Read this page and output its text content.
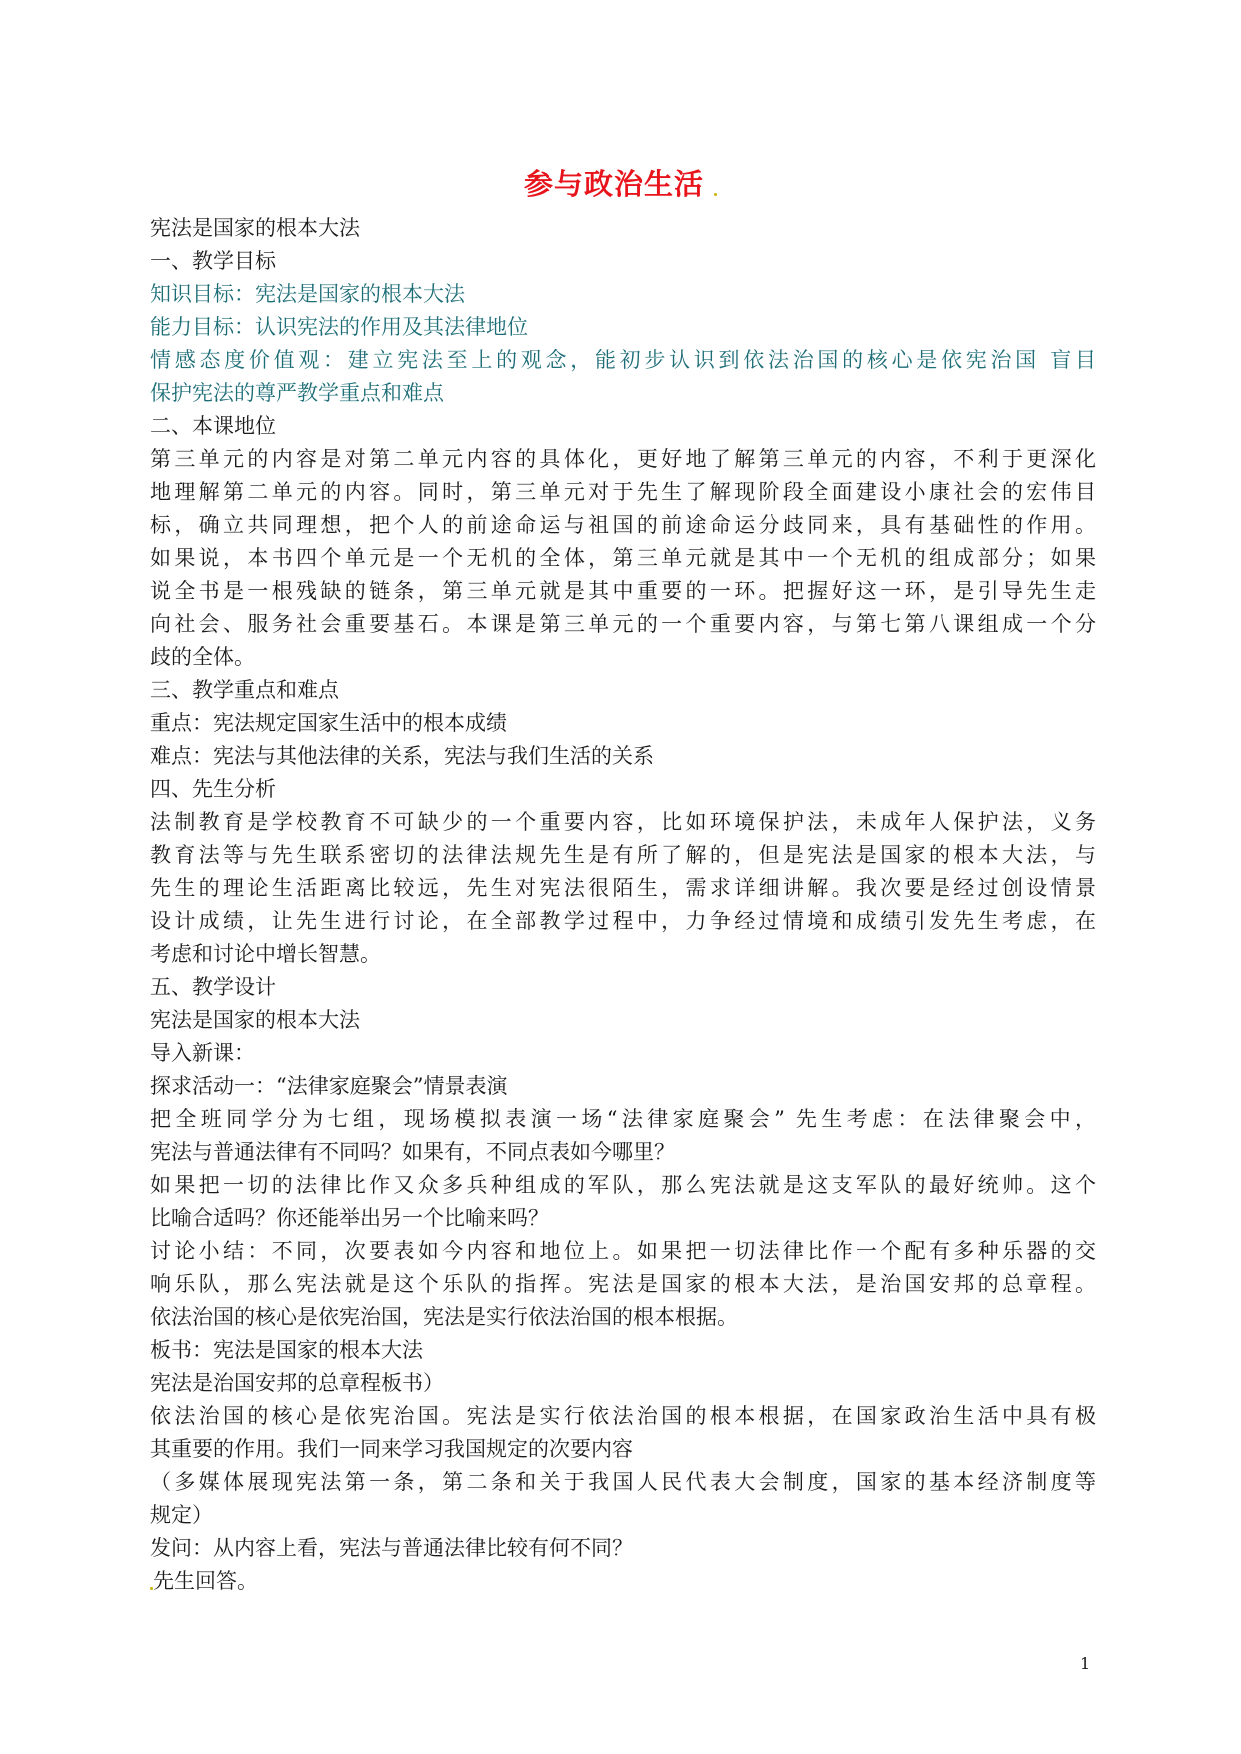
参与政治生活
宪法是国家的根本大法
一、教学目标
知识目标：宪法是国家的根本大法
能力目标：认识宪法的作用及其法律地位
情感态度价值观：建立宪法至上的观念，能初步认识到依法治国的核心是依宪治国 盲目
保护宪法的尊严教学重点和难点
二、本课地位
第三单元的内容是对第二单元内容的具体化，更好地了解第三单元的内容，不利于更深化
地理解第二单元的内容。同时，第三单元对于先生了解现阶段全面建设小康社会的宏伟目
标，确立共同理想，把个人的前途命运与祖国的前途命运分歧同来，具有基础性的作用。
如果说，本书四个单元是一个无机的全体，第三单元就是其中一个无机的组成部分；如果
说全书是一根残缺的链条，第三单元就是其中重要的一环。把握好这一环，是引导先生走
向社会、服务社会重要基石。本课是第三单元的一个重要内容，与第七第八课组成一个分
歧的全体。
三、教学重点和难点
重点：宪法规定国家生活中的根本成绩
难点：宪法与其他法律的关系，宪法与我们生活的关系
四、先生分析
法制教育是学校教育不可缺少的一个重要内容，比如环境保护法，未成年人保护法，义务
教育法等与先生联系密切的法律法规先生是有所了解的，但是宪法是国家的根本大法，与
先生的理论生活距离比较远，先生对宪法很陌生，需求详细讲解。我次要是经过创设情景
设计成绩，让先生进行讨论，在全部教学过程中，力争经过情境和成绩引发先生考虑，在
考虑和讨论中增长智慧。
五、教学设计
宪法是国家的根本大法
导入新课：
探求活动一：“法律家庭聚会”情景表演
把全班同学分为七组，现场模拟表演一场“法律家庭聚会” 先生考虑：在法律聚会中，
宪法与普通法律有不同吗？如果有，不同点表如今哪里？
如果把一切的法律比作又众多兵种组成的军队，那么宪法就是这支军队的最好统帅。这个
比喻合适吗？你还能举出另一个比喻来吗？
讨论小结：不同，次要表如今内容和地位上。如果把一切法律比作一个配有多种乐器的交
响乐队，那么宪法就是这个乐队的指挥。宪法是国家的根本大法，是治国安邦的总章程。
依法治国的核心是依宪治国，宪法是实行依法治国的根本根据。
板书：宪法是国家的根本大法
宪法是治国安邦的总章程板书）
依法治国的核心是依宪治国。宪法是实行依法治国的根本根据，在国家政治生活中具有极
其重要的作用。我们一同来学习我国规定的次要内容
（多媒体展现宪法第一条，第二条和关于我国人民代表大会制度，国家的基本经济制度等
规定）
发问：从内容上看，宪法与普通法律比较有何不同？
先生回答。
1
